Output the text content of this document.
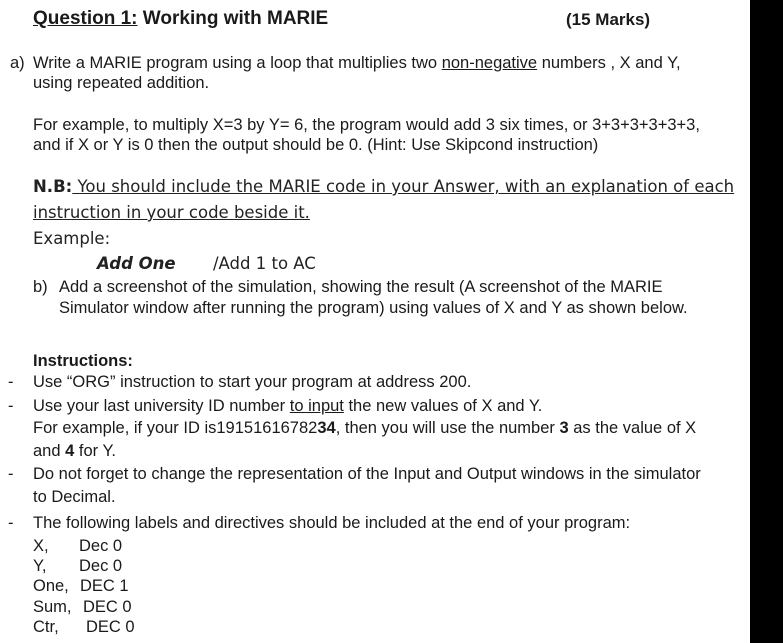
Question 1: Working with MARIE	(15 Marks)
a) Write a MARIE program using a loop that multiplies two non-negative numbers , X and Y,
using repeated addition.
For example, to multiply X=3 by Y= 6, the program would add 3 six times, or 3+3+3+3+3+3,
and if X or Y is 0 then the output should be 0. (Hint: Use Skipcond instruction)
N.B: You should include the MARIE code in your Answer, with an explanation of each
instruction in your code beside it.
Example:
Add One /Add 1 to AC
b) Add a screenshot of the simulation, showing the result (A screenshot of the MARIE
Simulator window after running the program) using values of X and Y as shown below.
Instructions:
- Use “ORG” instruction to start your program at address 200.
- Use your last university ID number to input the new values of X and Y.
For example, if your ID is1915161678234, then you will use the number 3 as the value of X
and 4 for Y.
- Do not forget to change the representation of the Input and Output windows in the simulator
to Decimal.
- The following labels and directives should be included at the end of your program:
X, Dec 0
Y, Dec 0
One, DEC 1
Sum, DEC 0
Ctr, DEC 0
